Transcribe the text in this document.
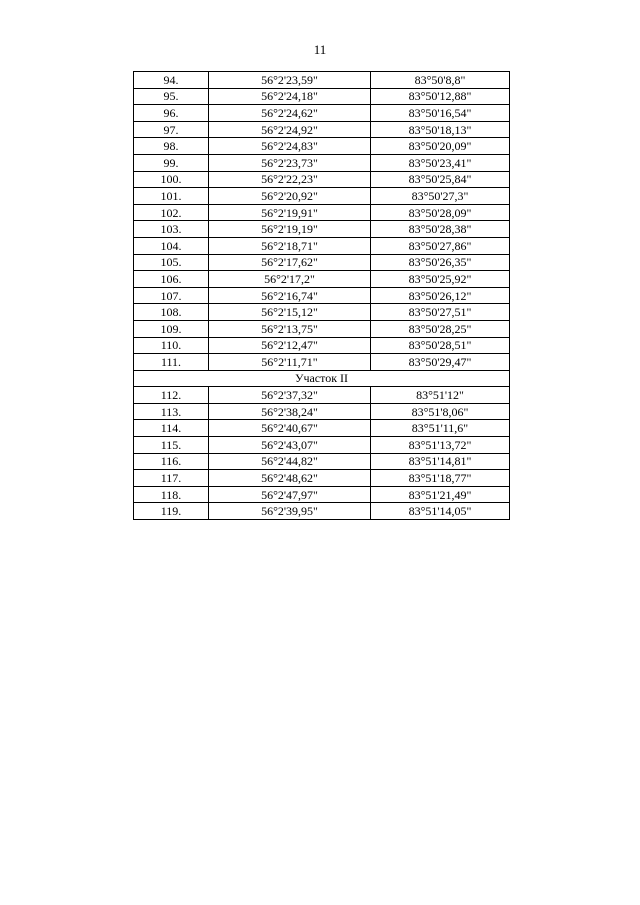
11
94.	56°2'23,59"	83°50'8,8"
95.	56°2'24,18"	83°50'12,88"
96.	56°2'24,62"	83°50'16,54"
97.	56°2'24,92"	83°50'18,13"
98.	56°2'24,83"	83°50'20,09"
99.	56°2'23,73"	83°50'23,41"
100.	56°2'22,23"	83°50'25,84"
101.	56°2'20,92"	83°50'27,3"
102.	56°2'19,91"	83°50'28,09"
103.	56°2'19,19"	83°50'28,38"
104.	56°2'18,71"	83°50'27,86"
105.	56°2'17,62"	83°50'26,35"
106.	56°2'17,2"	83°50'25,92"
107.	56°2'16,74"	83°50'26,12"
108.	56°2'15,12"	83°50'27,51"
109.	56°2'13,75"	83°50'28,25"
110.	56°2'12,47"	83°50'28,51"
111.	56°2'11,71"	83°50'29,47"
Участок II		
112.	56°2'37,32"	83°51'12"
113.	56°2'38,24"	83°51'8,06"
114.	56°2'40,67"	83°51'11,6"
115.	56°2'43,07"	83°51'13,72"
116.	56°2'44,82"	83°51'14,81"
117.	56°2'48,62"	83°51'18,77"
118.	56°2'47,97"	83°51'21,49"
119.	56°2'39,95"	83°51'14,05"
